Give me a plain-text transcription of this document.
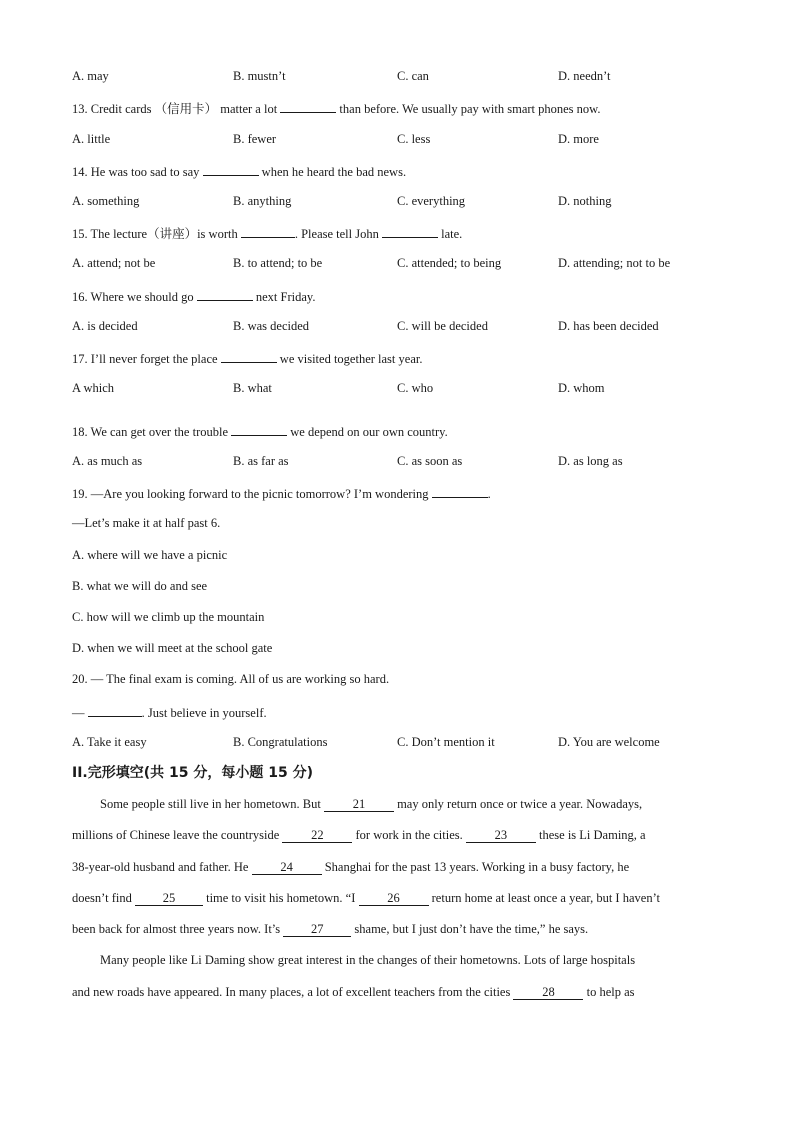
A. may	B. mustn’t	C. can	D. needn’t
13. Credit cards （信用卡） matter a lot	than before. We usually pay with smart phones now.
A. little	B. fewer	C. less	D. more
14. He was too sad to say	when he heard the bad news.
A. something	B. anything	C. everything	D. nothing
15. The lecture（讲座）is worth	. Please tell John	late.
A. attend; not be	B. to attend; to be	C. attended; to being	D. attending; not to be
16. Where we should go	next Friday.
A. is decided	B. was decided	C. will be decided	D. has been decided
17. I’ll never forget the place	we visited together last year.
A which	B. what	C. who	D. whom
18. We can get over the trouble	we depend on our own country.
A. as much as	B. as far as	C. as soon as	D. as long as
19. —Are you looking forward to the picnic tomorrow? I’m wondering	.
—Let’s make it at half past 6.
A. where will we have a picnic
B. what we will do and see
C. how will we climb up the mountain
D. when we will meet at the school gate
20. — The final exam is coming. All of us are working so hard.
—	. Just believe in yourself.
A. Take it easy	B. Congratulations	C. Don’t mention it	D. You are welcome
II.完形填空(共 15 分，每小题 15 分)
Some people still live in her hometown. But 21 may only return once or twice a year. Nowadays,
millions of Chinese leave the countryside 22 for work in the cities. 23 these is Li Daming, a
38-year-old husband and father. He 24 Shanghai for the past 13 years. Working in a busy factory, he
doesn’t find 25 time to visit his hometown. “I 26 return home at least once a year, but I haven’t
been back for almost three years now. It’s 27 shame, but I just don’t have the time,” he says.
Many people like Li Daming show great interest in the changes of their hometowns. Lots of large hospitals
and new roads have appeared. In many places, a lot of excellent teachers from the cities 28 to help as
